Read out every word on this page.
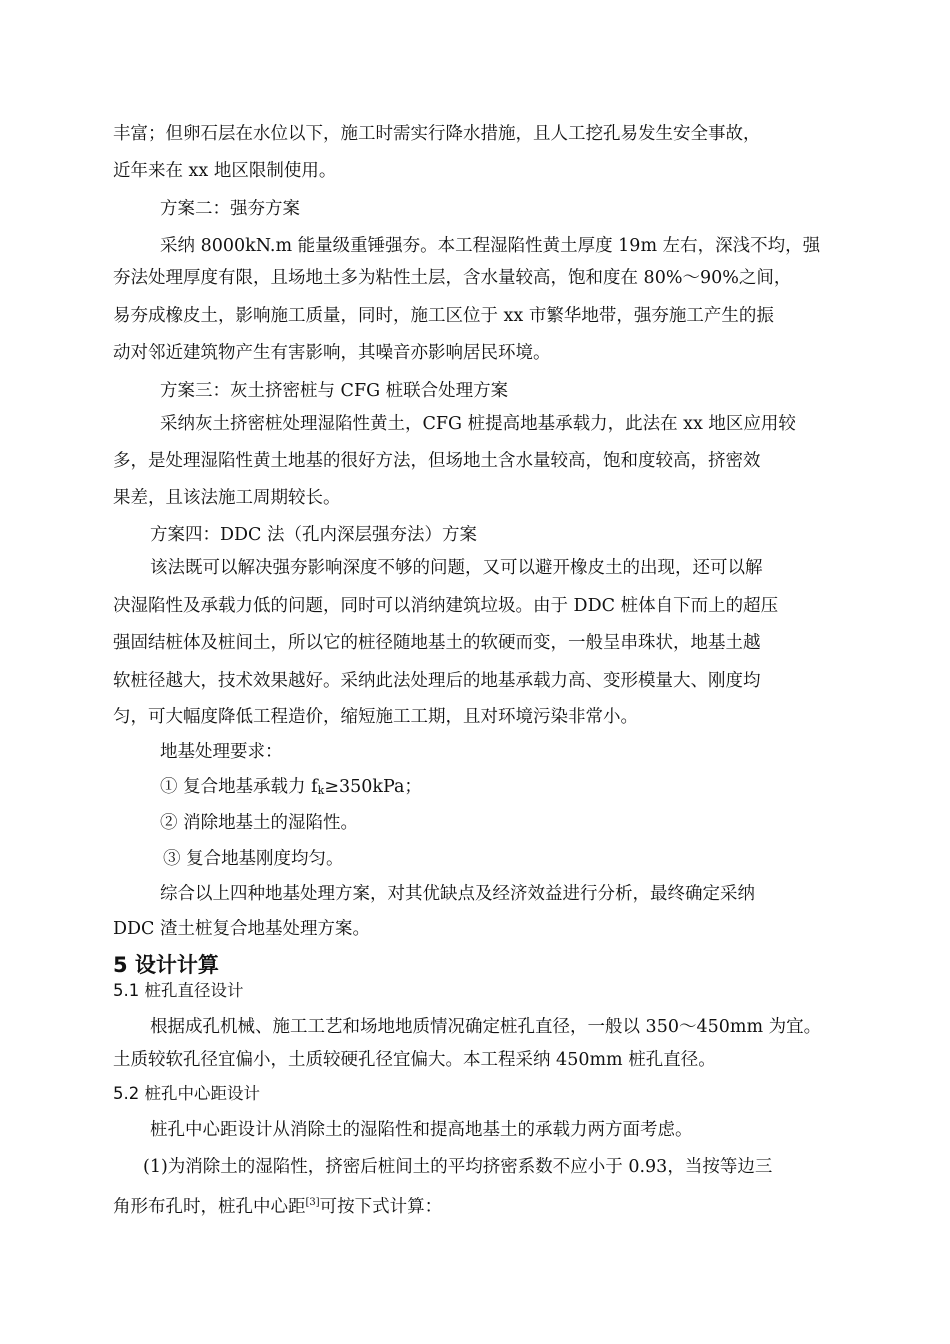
丰富；但卵石层在水位以下，施工时需实行降水措施，且人工挖孔易发生安全事故，
近年来在 xx 地区限制使用。
方案二：强夯方案
采纳 8000kN.m 能量级重锤强夯。本工程湿陷性黄土厚度 19m 左右，深浅不均，强
夯法处理厚度有限，且场地土多为粘性土层，含水量较高，饱和度在 80%～90%之间，
易夯成橡皮土，影响施工质量，同时，施工区位于 xx 市繁华地带，强夯施工产生的振
动对邻近建筑物产生有害影响，其噪音亦影响居民环境。
方案三：灰土挤密桩与 CFG 桩联合处理方案
采纳灰土挤密桩处理湿陷性黄土，CFG 桩提高地基承载力，此法在 xx 地区应用较
多，是处理湿陷性黄土地基的很好方法，但场地土含水量较高，饱和度较高，挤密效
果差，且该法施工周期较长。
方案四：DDC 法（孔内深层强夯法）方案
该法既可以解决强夯影响深度不够的问题，又可以避开橡皮土的出现，还可以解
决湿陷性及承载力低的问题，同时可以消纳建筑垃圾。由于 DDC 桩体自下而上的超压
强固结桩体及桩间土，所以它的桩径随地基土的软硬而变，一般呈串珠状，地基土越
软桩径越大，技术效果越好。采纳此法处理后的地基承载力高、变形模量大、刚度均
匀，可大幅度降低工程造价，缩短施工工期，且对环境污染非常小。
地基处理要求：
① 复合地基承载力 $f_k\ge 350kPa$；
② 消除地基土的湿陷性。
③ 复合地基刚度均匀。
综合以上四种地基处理方案，对其优缺点及经济效益进行分析，最终确定采纳
DDC 渣土桩复合地基处理方案。
5 设计计算
5.1 桩孔直径设计
根据成孔机械、施工工艺和场地地质情况确定桩孔直径，一般以 350～450mm 为宜。
土质较软孔径宜偏小，土质较硬孔径宜偏大。本工程采纳 450mm 桩孔直径。
5.2 桩孔中心距设计
桩孔中心距设计从消除土的湿陷性和提高地基土的承载力两方面考虑。
(1)为消除土的湿陷性，挤密后桩间土的平均挤密系数不应小于 0.93，当按等边三
角形布孔时，桩孔中心距[3]可按下式计算：
